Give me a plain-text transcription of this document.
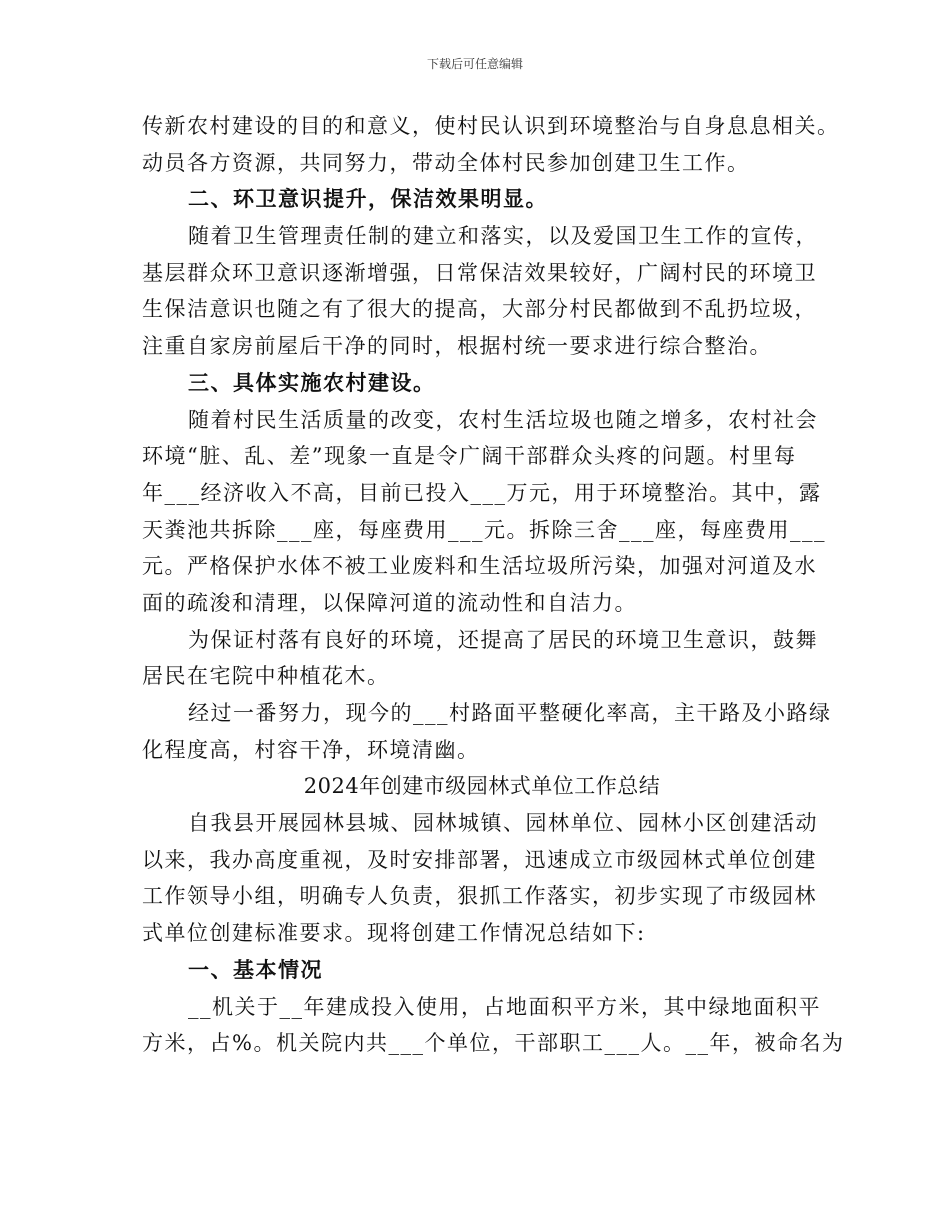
下载后可任意编辑
传新农村建设的目的和意义，使村民认识到环境整治与自身息息相关。
动员各方资源，共同努力，带动全体村民参加创建卫生工作。
二、环卫意识提升，保洁效果明显。
随着卫生管理责任制的建立和落实，以及爱国卫生工作的宣传，
基层群众环卫意识逐渐增强，日常保洁效果较好，广阔村民的环境卫
生保洁意识也随之有了很大的提高，大部分村民都做到不乱扔垃圾，
注重自家房前屋后干净的同时，根据村统一要求进行综合整治。
三、具体实施农村建设。
随着村民生活质量的改变，农村生活垃圾也随之增多，农村社会
环境“脏、乱、差”现象一直是令广阔干部群众头疼的问题。村里每
年___经济收入不高，目前已投入___万元，用于环境整治。其中，露
天粪池共拆除___座，每座费用___元。拆除三舍___座，每座费用___
元。严格保护水体不被工业废料和生活垃圾所污染，加强对河道及水
面的疏浚和清理，以保障河道的流动性和自洁力。
为保证村落有良好的环境，还提高了居民的环境卫生意识，鼓舞
居民在宅院中种植花木。
经过一番努力，现今的___村路面平整硬化率高，主干路及小路绿
化程度高，村容干净，环境清幽。
2024年创建市级园林式单位工作总结
自我县开展园林县城、园林城镇、园林单位、园林小区创建活动
以来，我办高度重视，及时安排部署，迅速成立市级园林式单位创建
工作领导小组，明确专人负责，狠抓工作落实，初步实现了市级园林
式单位创建标准要求。现将创建工作情况总结如下:
一、基本情况
__机关于__年建成投入使用，占地面积平方米，其中绿地面积平
方米，占%。机关院内共___个单位，干部职工___人。__年，被命名为
